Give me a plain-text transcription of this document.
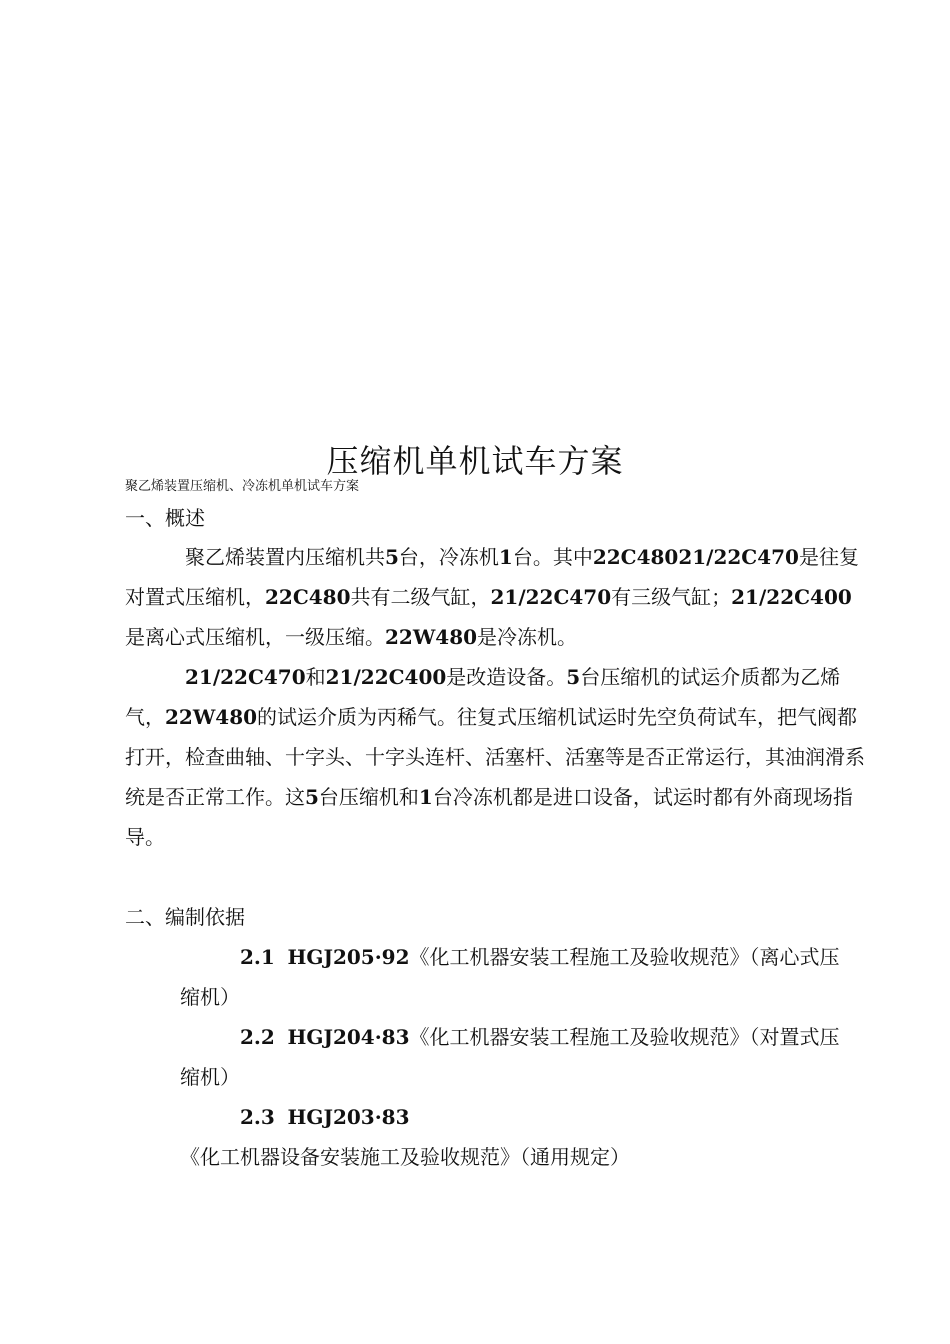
压缩机单机试车方案
聚乙烯装置压缩机、冷冻机单机试车方案
一、概述
聚乙烯装置内压缩机共5台，冷冻机1台。其中22C48021/22C470是往复对置式压缩机，22C480共有二级气缸，21/22C470有三级气缸；21/22C400是离心式压缩机，一级压缩。22W480是冷冻机。
21/22C470和21/22C400是改造设备。5台压缩机的试运介质都为乙烯气，22W480的试运介质为丙稀气。往复式压缩机试运时先空负荷试车，把气阀都打开，检查曲轴、十字头、十字头连杆、活塞杆、活塞等是否正常运行，其油润滑系统是否正常工作。这5台压缩机和1台冷冻机都是进口设备，试运时都有外商现场指导。
二、编制依据
2.1 HGJ205·92《化工机器安装工程施工及验收规范》（离心式压缩机）
2.2 HGJ204·83《化工机器安装工程施工及验收规范》（对置式压缩机）
2.3 HGJ203·83《化工机器设备安装施工及验收规范》（通用规定）
